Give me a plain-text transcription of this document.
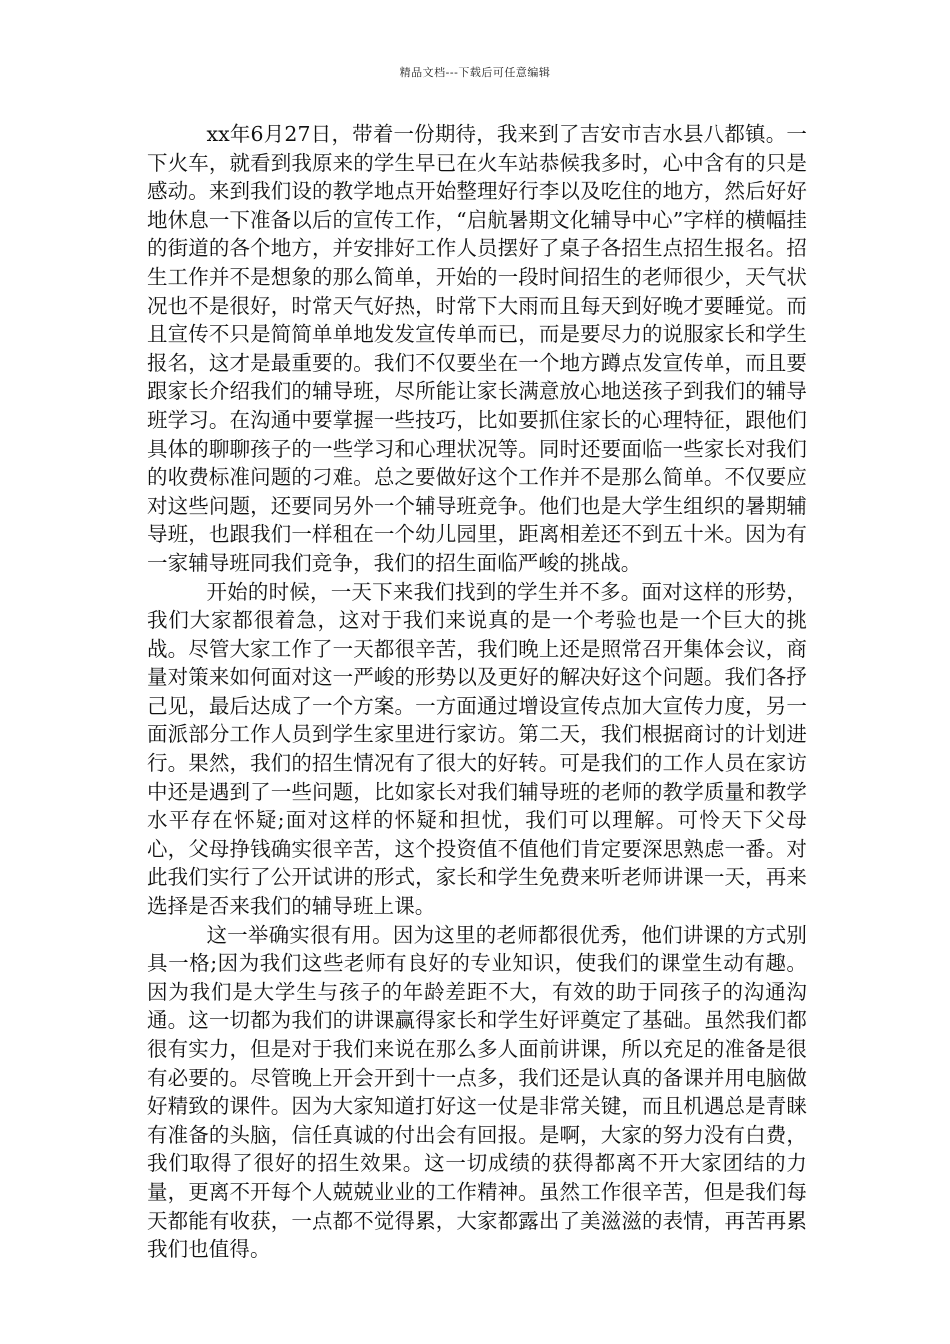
精品文档---下载后可任意编辑

xx年6月27日，带着一份期待，我来到了吉安市吉水县八都镇。一下火车，就看到我原来的学生早已在火车站恭候我多时，心中含有的只是感动。来到我们设的教学地点开始整理好行李以及吃住的地方，然后好好地休息一下准备以后的宣传工作，“启航暑期文化辅导中心”字样的横幅挂的街道的各个地方，并安排好工作人员摆好了桌子各招生点招生报名。招生工作并不是想象的那么简单，开始的一段时间招生的老师很少，天气状况也不是很好，时常天气好热，时常下大雨而且每天到好晚才要睡觉。而且宣传不只是简简单单地发发宣传单而已，而是要尽力的说服家长和学生报名，这才是最重要的。我们不仅要坐在一个地方蹲点发宣传单，而且要跟家长介绍我们的辅导班，尽所能让家长满意放心地送孩子到我们的辅导班学习。在沟通中要掌握一些技巧，比如要抓住家长的心理特征，跟他们具体的聊聊孩子的一些学习和心理状况等。同时还要面临一些家长对我们的收费标准问题的刁难。总之要做好这个工作并不是那么简单。不仅要应对这些问题，还要同另外一个辅导班竞争。他们也是大学生组织的暑期辅导班，也跟我们一样租在一个幼儿园里，距离相差还不到五十米。因为有一家辅导班同我们竞争，我们的招生面临严峻的挑战。

开始的时候，一天下来我们找到的学生并不多。面对这样的形势，我们大家都很着急，这对于我们来说真的是一个考验也是一个巨大的挑战。尽管大家工作了一天都很辛苦，我们晚上还是照常召开集体会议，商量对策来如何面对这一严峻的形势以及更好的解决好这个问题。我们各抒己见，最后达成了一个方案。一方面通过增设宣传点加大宣传力度，另一面派部分工作人员到学生家里进行家访。第二天，我们根据商讨的计划进行。果然，我们的招生情况有了很大的好转。可是我们的工作人员在家访中还是遇到了一些问题，比如家长对我们辅导班的老师的教学质量和教学水平存在怀疑;面对这样的怀疑和担忧，我们可以理解。可怜天下父母心，父母挣钱确实很辛苦，这个投资值不值他们肯定要深思熟虑一番。对此我们实行了公开试讲的形式，家长和学生免费来听老师讲课一天，再来选择是否来我们的辅导班上课。

这一举确实很有用。因为这里的老师都很优秀，他们讲课的方式别具一格;因为我们这些老师有良好的专业知识，使我们的课堂生动有趣。因为我们是大学生与孩子的年龄差距不大，有效的助于同孩子的沟通沟通。这一切都为我们的讲课赢得家长和学生好评奠定了基础。虽然我们都很有实力，但是对于我们来说在那么多人面前讲课，所以充足的准备是很有必要的。尽管晚上开会开到十一点多，我们还是认真的备课并用电脑做好精致的课件。因为大家知道打好这一仗是非常关键，而且机遇总是青睐有准备的头脑，信任真诚的付出会有回报。是啊，大家的努力没有白费，我们取得了很好的招生效果。这一切成绩的获得都离不开大家团结的力量，更离不开每个人兢兢业业的工作精神。虽然工作很辛苦，但是我们每天都能有收获，一点都不觉得累，大家都露出了美滋滋的表情，再苦再累我们也值得。
